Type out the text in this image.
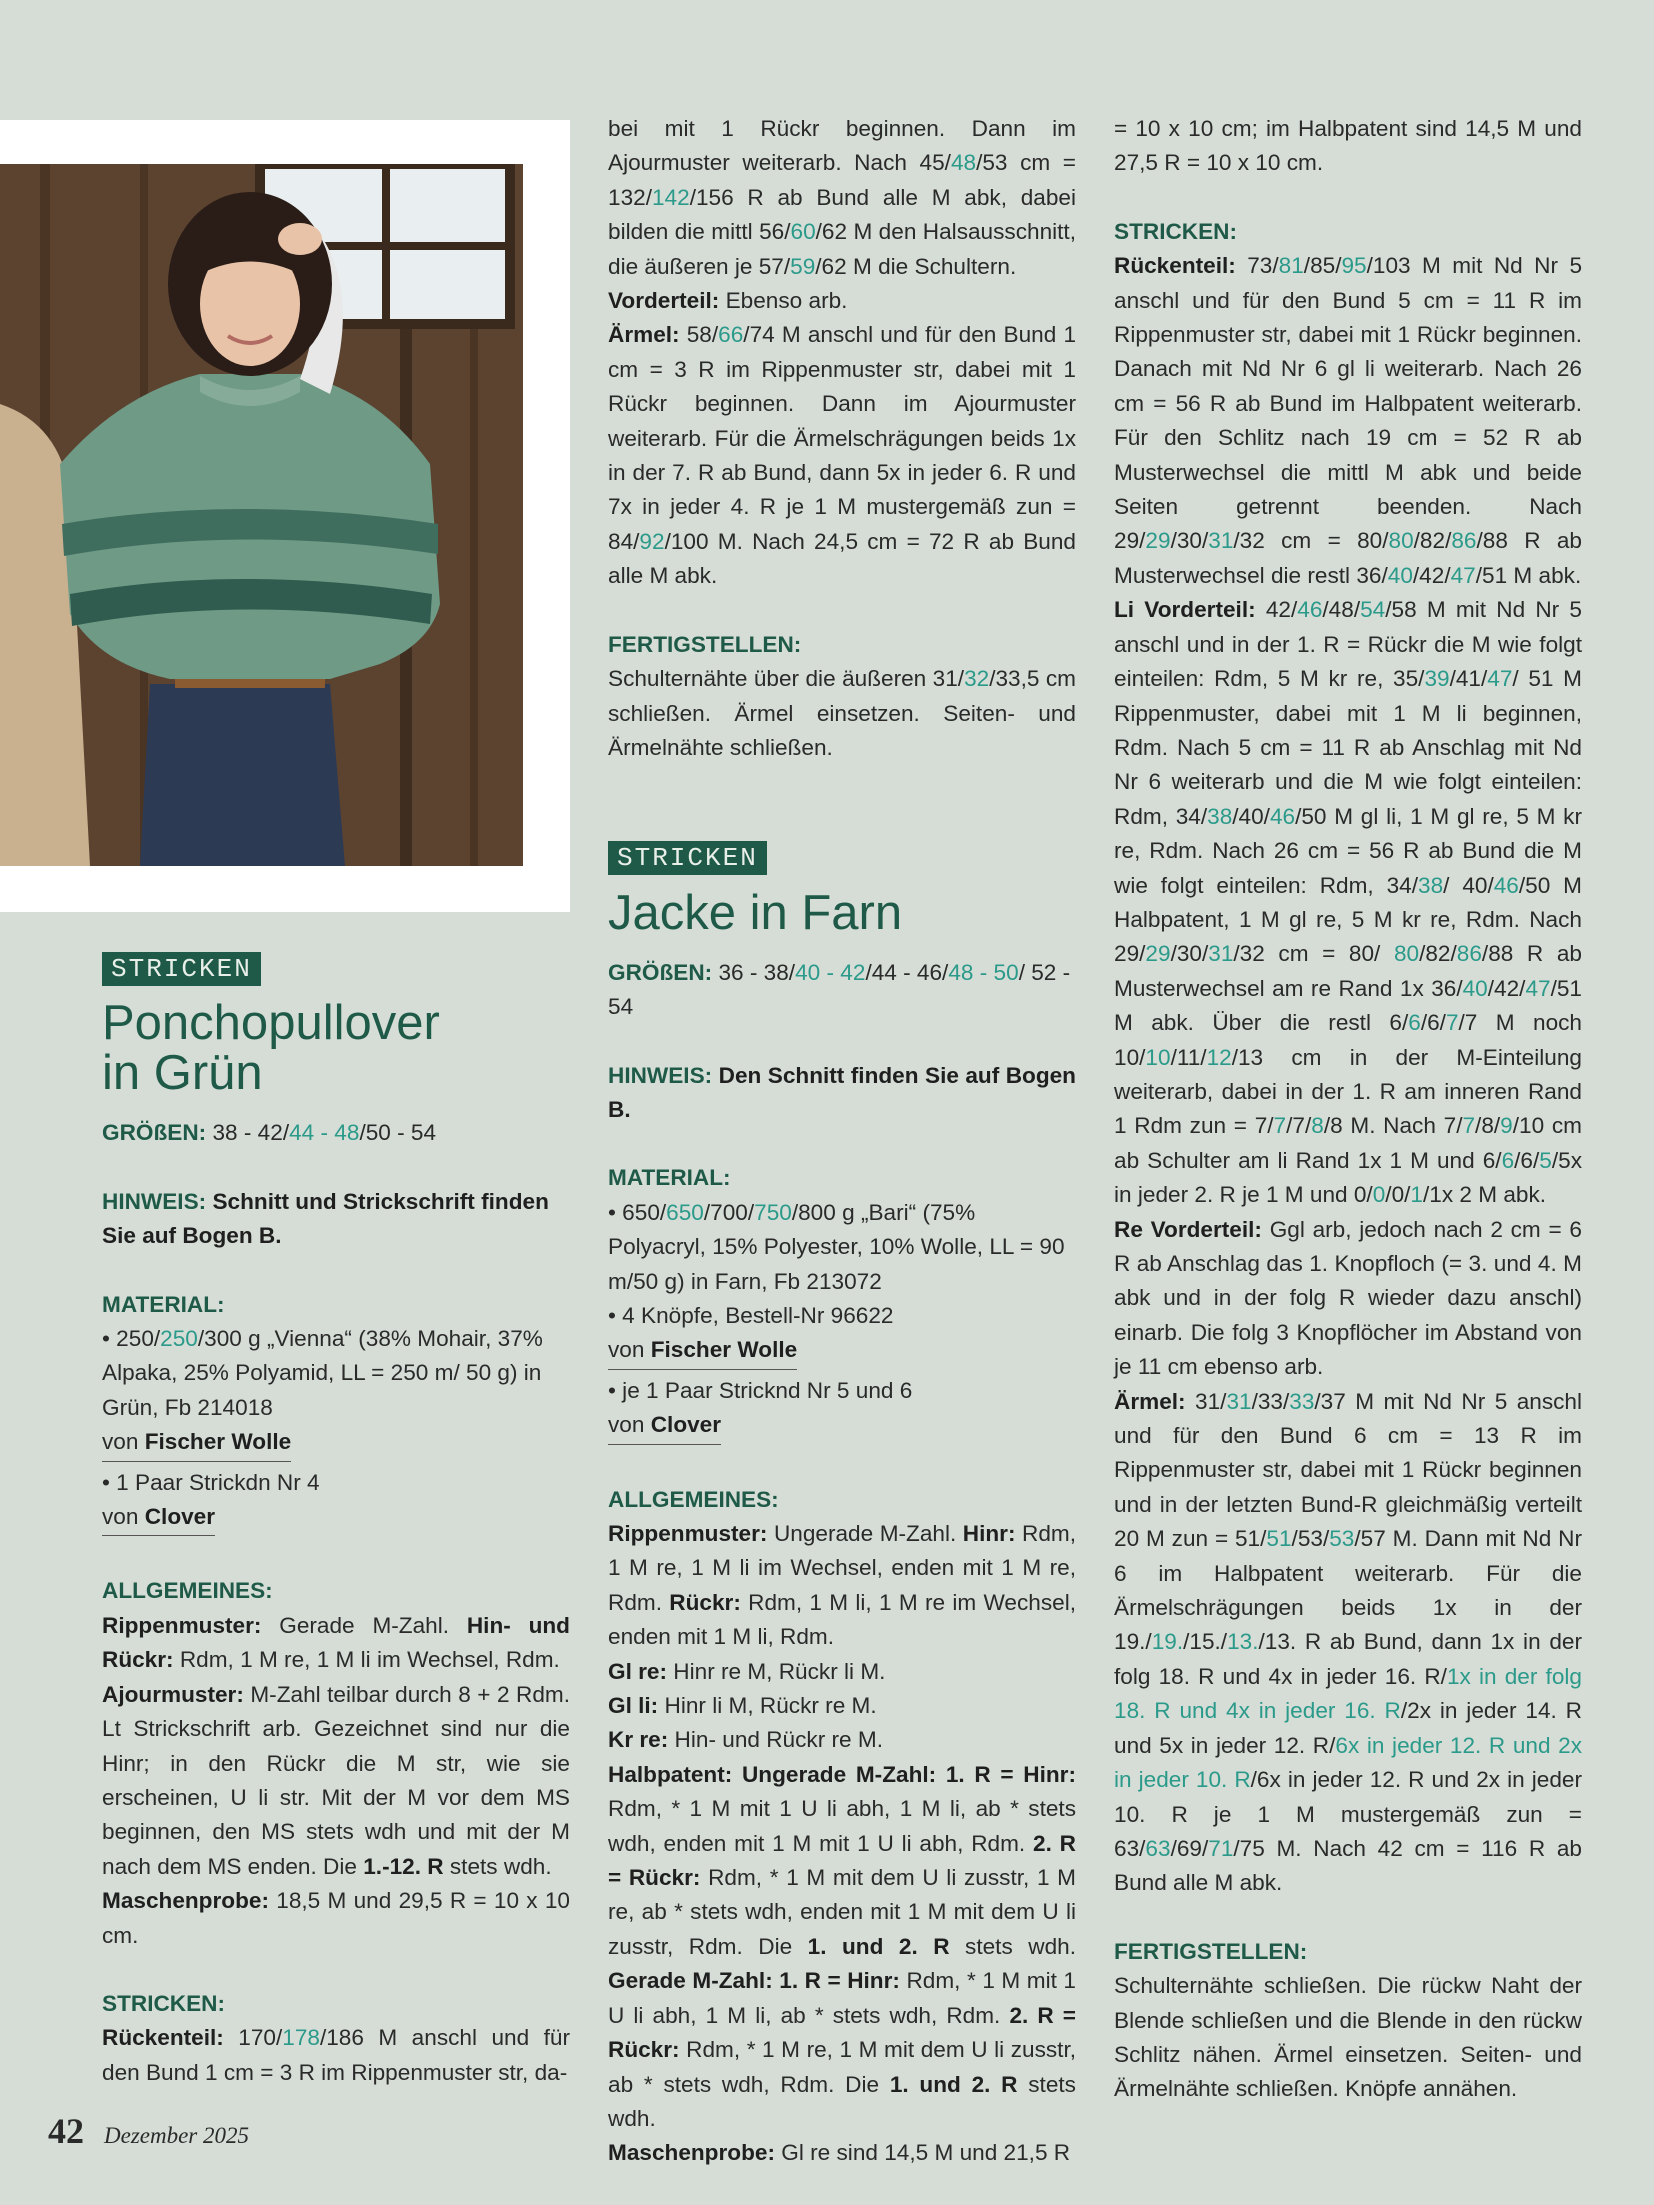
STRICKEN
Ponchopullover
in Grün

GRÖßEN: 38 - 42/44 - 48/50 - 54

HINWEIS: Schnitt und Strickschrift finden Sie auf Bogen B.

MATERIAL:

• 250/250/300 g „Vienna“ (38% Mohair, 37% Alpaka, 25% Polyamid, LL = 250 m/ 50 g) in Grün, Fb 214018

von Fischer Wolle

• 1 Paar Strickdn Nr 4

von Clover

ALLGEMEINES:

Rippenmuster: Gerade M-Zahl. Hin- und Rückr: Rdm, 1 M re, 1 M li im Wechsel, Rdm.

Ajourmuster: M-Zahl teilbar durch 8 + 2 Rdm. Lt Strickschrift arb. Gezeichnet sind nur die Hinr; in den Rückr die M str, wie sie erscheinen, U li str. Mit der M vor dem MS beginnen, den MS stets wdh und mit der M nach dem MS enden. Die 1.-12. R stets wdh.

Maschenprobe: 18,5 M und 29,5 R = 10 x 10 cm.

STRICKEN:

Rückenteil: 170/178/186 M anschl und für den Bund 1 cm = 3 R im Rippenmuster str, da-

bei mit 1 Rückr beginnen. Dann im Ajourmuster weiterarb. Nach 45/48/53 cm = 132/142/156 R ab Bund alle M abk, dabei bilden die mittl 56/60/62 M den Halsausschnitt, die äußeren je 57/59/62 M die Schultern.

Vorderteil: Ebenso arb.

Ärmel: 58/66/74 M anschl und für den Bund 1 cm = 3 R im Rippenmuster str, dabei mit 1 Rückr beginnen. Dann im Ajourmuster weiterarb. Für die Ärmelschrägungen beids 1x in der 7. R ab Bund, dann 5x in jeder 6. R und 7x in jeder 4. R je 1 M mustergemäß zun = 84/92/100 M. Nach 24,5 cm = 72 R ab Bund alle M abk.

FERTIGSTELLEN:

Schulternähte über die äußeren 31/32/33,5 cm schließen. Ärmel einsetzen. Seiten- und Ärmelnähte schließen.

STRICKEN
Jacke in Farn

GRÖßEN: 36 - 38/40 - 42/44 - 46/48 - 50/ 52 - 54

HINWEIS: Den Schnitt finden Sie auf Bogen B.

MATERIAL:

• 650/650/700/750/800 g „Bari“ (75% Polyacryl, 15% Polyester, 10% Wolle, LL = 90 m/50 g) in Farn, Fb 213072

• 4 Knöpfe, Bestell-Nr 96622

von Fischer Wolle

• je 1 Paar Stricknd Nr 5 und 6

von Clover

ALLGEMEINES:

Rippenmuster: Ungerade M-Zahl. Hinr: Rdm, 1 M re, 1 M li im Wechsel, enden mit 1 M re, Rdm. Rückr: Rdm, 1 M li, 1 M re im Wechsel, enden mit 1 M li, Rdm.

Gl re: Hinr re M, Rückr li M.

Gl li: Hinr li M, Rückr re M.

Kr re: Hin- und Rückr re M.

Halbpatent: Ungerade M-Zahl: 1. R = Hinr: Rdm, * 1 M mit 1 U li abh, 1 M li, ab * stets wdh, enden mit 1 M mit 1 U li abh, Rdm. 2. R = Rückr: Rdm, * 1 M mit dem U li zusstr, 1 M re, ab * stets wdh, enden mit 1 M mit dem U li zusstr, Rdm. Die 1. und 2. R stets wdh. Gerade M-Zahl: 1. R = Hinr: Rdm, * 1 M mit 1 U li abh, 1 M li, ab * stets wdh, Rdm. 2. R = Rückr: Rdm, * 1 M re, 1 M mit dem U li zusstr, ab * stets wdh, Rdm. Die 1. und 2. R stets wdh.

Maschenprobe: Gl re sind 14,5 M und 21,5 R

= 10 x 10 cm; im Halbpatent sind 14,5 M und 27,5 R = 10 x 10 cm.

STRICKEN:

Rückenteil: 73/81/85/95/103 M mit Nd Nr 5 anschl und für den Bund 5 cm = 11 R im Rippenmuster str, dabei mit 1 Rückr beginnen. Danach mit Nd Nr 6 gl li weiterarb. Nach 26 cm = 56 R ab Bund im Halbpatent weiterarb. Für den Schlitz nach 19 cm = 52 R ab Musterwechsel die mittl M abk und beide Seiten getrennt beenden. Nach 29/29/30/31/32 cm = 80/80/82/86/88 R ab Musterwechsel die restl 36/40/42/47/51 M abk.

Li Vorderteil: 42/46/48/54/58 M mit Nd Nr 5 anschl und in der 1. R = Rückr die M wie folgt einteilen: Rdm, 5 M kr re, 35/39/41/47/ 51 M Rippenmuster, dabei mit 1 M li beginnen, Rdm. Nach 5 cm = 11 R ab Anschlag mit Nd Nr 6 weiterarb und die M wie folgt einteilen: Rdm, 34/38/40/46/50 M gl li, 1 M gl re, 5 M kr re, Rdm. Nach 26 cm = 56 R ab Bund die M wie folgt einteilen: Rdm, 34/38/ 40/46/50 M Halbpatent, 1 M gl re, 5 M kr re, Rdm. Nach 29/29/30/31/32 cm = 80/ 80/82/86/88 R ab Musterwechsel am re Rand 1x 36/40/42/47/51 M abk. Über die restl 6/6/6/7/7 M noch 10/10/11/12/13 cm in der M-Einteilung weiterarb, dabei in der 1. R am inneren Rand 1 Rdm zun = 7/7/7/8/8 M. Nach 7/7/8/9/10 cm ab Schulter am li Rand 1x 1 M und 6/6/6/5/5x in jeder 2. R je 1 M und 0/0/0/1/1x 2 M abk.

Re Vorderteil: Ggl arb, jedoch nach 2 cm = 6 R ab Anschlag das 1. Knopfloch (= 3. und 4. M abk und in der folg R wieder dazu anschl) einarb. Die folg 3 Knopflöcher im Abstand von je 11 cm ebenso arb.

Ärmel: 31/31/33/33/37 M mit Nd Nr 5 anschl und für den Bund 6 cm = 13 R im Rippenmuster str, dabei mit 1 Rückr beginnen und in der letzten Bund-R gleichmäßig verteilt 20 M zun = 51/51/53/53/57 M. Dann mit Nd Nr 6 im Halbpatent weiterarb. Für die Ärmelschrägungen beids 1x in der 19./19./15./13./13. R ab Bund, dann 1x in der folg 18. R und 4x in jeder 16. R/1x in der folg 18. R und 4x in jeder 16. R/2x in jeder 14. R und 5x in jeder 12. R/6x in jeder 12. R und 2x in jeder 10. R/6x in jeder 12. R und 2x in jeder 10. R je 1 M mustergemäß zun = 63/63/69/71/75 M. Nach 42 cm = 116 R ab Bund alle M abk.

FERTIGSTELLEN:

Schulternähte schließen. Die rückw Naht der Blende schließen und die Blende in den rückw Schlitz nähen. Ärmel einsetzen. Seiten- und Ärmelnähte schließen. Knöpfe annähen.

42 Dezember 2025
